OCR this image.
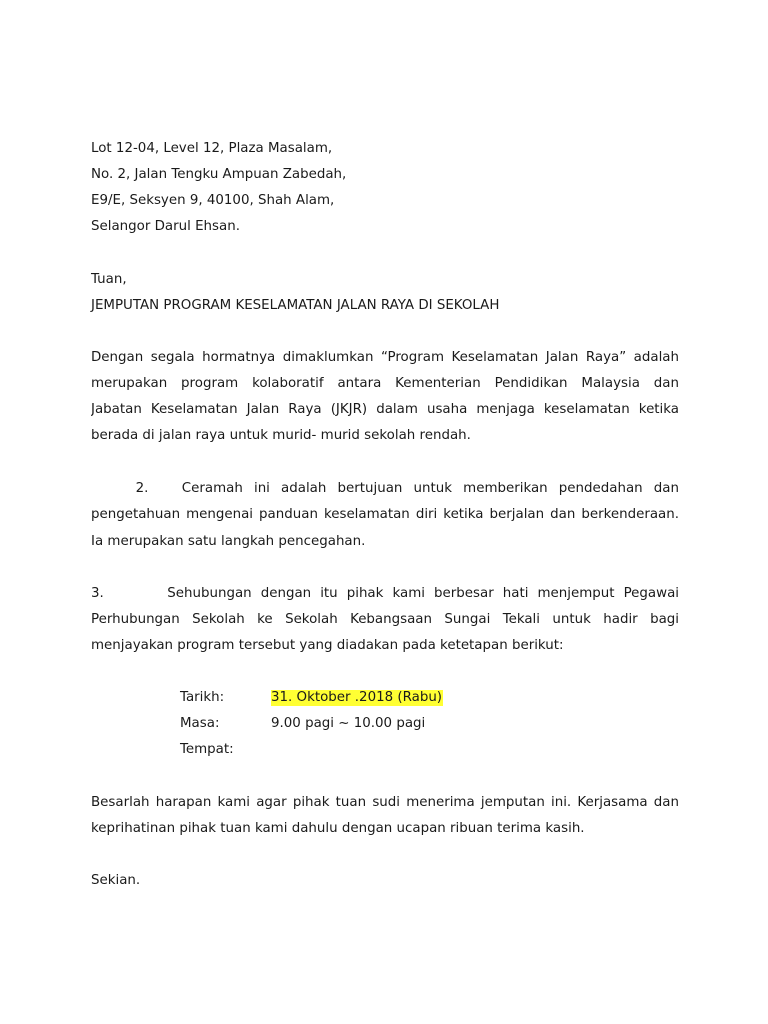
Lot 12-04, Level 12, Plaza Masalam,
No. 2, Jalan Tengku Ampuan Zabedah,
E9/E, Seksyen 9, 40100, Shah Alam,
Selangor Darul Ehsan.
Tuan,
JEMPUTAN PROGRAM KESELAMATAN JALAN RAYA DI SEKOLAH
Dengan segala hormatnya dimaklumkan “Program Keselamatan Jalan Raya” adalah
merupakan program kolaboratif antara Kementerian Pendidikan Malaysia dan
Jabatan Keselamatan Jalan Raya (JKJR) dalam usaha menjaga keselamatan ketika
berada di jalan raya untuk murid- murid sekolah rendah.
2.   Ceramah ini adalah bertujuan untuk memberikan pendedahan dan
pengetahuan mengenai panduan keselamatan diri ketika berjalan dan berkenderaan.
Ia merupakan satu langkah pencegahan.
3.       Sehubungan dengan itu pihak kami berbesar hati menjemput Pegawai
Perhubungan Sekolah ke Sekolah Kebangsaan Sungai Tekali untuk hadir bagi
menjayakan program tersebut yang diadakan pada ketetapan berikut:
Tarikh:	31. Oktober .2018 (Rabu)
Masa:	9.00 pagi ~ 10.00 pagi
Tempat:
Besarlah harapan kami agar pihak tuan sudi menerima jemputan ini. Kerjasama dan
keprihatinan pihak tuan kami dahulu dengan ucapan ribuan terima kasih.
Sekian.
